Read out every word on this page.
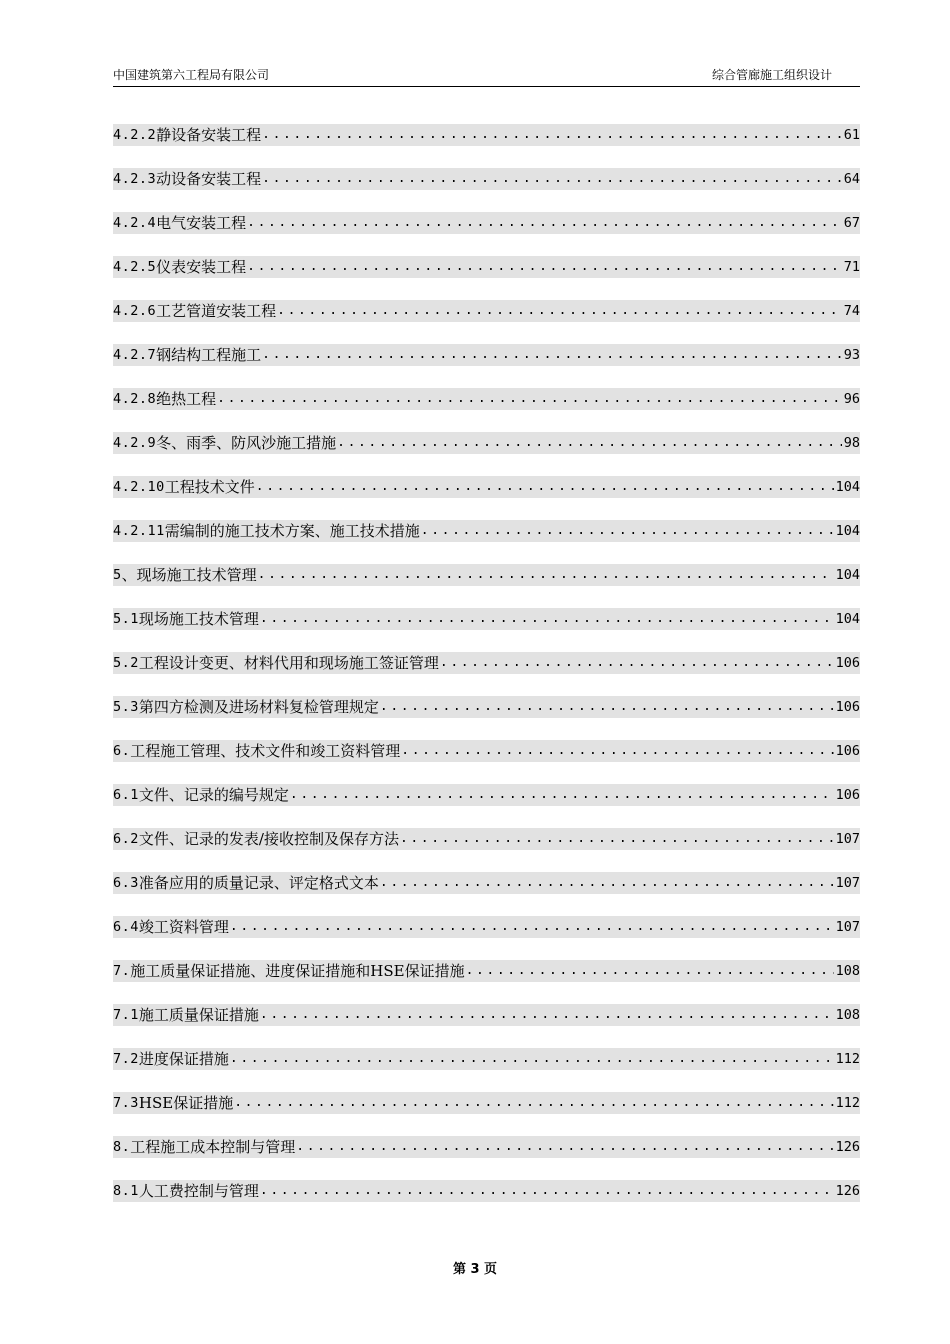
中国建筑第六工程局有限公司	综合管廊施工组织设计
4.2.2 静设备安装工程 .....	61
4.2.3 动设备安装工程 .....	64
4.2.4 电气安装工程 .....	67
4.2.5 仪表安装工程 .....	71
4.2.6 工艺管道安装工程 .....	74
4.2.7 钢结构工程施工 .....	93
4.2.8 绝热工程 .....	96
4.2.9 冬、雨季、防风沙施工措施 .....	98
4.2.10 工程技术文件 .....	104
4.2.11 需编制的施工技术方案、施工技术措施 .....	104
5 、现场施工技术管理 .....	104
5.1 现场施工技术管理 .....	104
5.2 工程设计变更、材料代用和现场施工签证管理 .....	106
5.3 第四方检测及进场材料复检管理规定 .....	106
6. 工程施工管理、技术文件和竣工资料管理 .....	106
6.1 文件、记录的编号规定 .....	106
6.2 文件、记录的发表/接收控制及保存方法 .....	107
6.3 准备应用的质量记录、评定格式文本 .....	107
6.4 竣工资料管理 .....	107
7. 施工质量保证措施、进度保证措施和HSE保证措施 .....	108
7.1 施工质量保证措施 .....	108
7.2 进度保证措施 .....	112
7.3 HSE保证措施 .....	112
8. 工程施工成本控制与管理 .....	126
8.1 人工费控制与管理 .....	126
第 3 页
